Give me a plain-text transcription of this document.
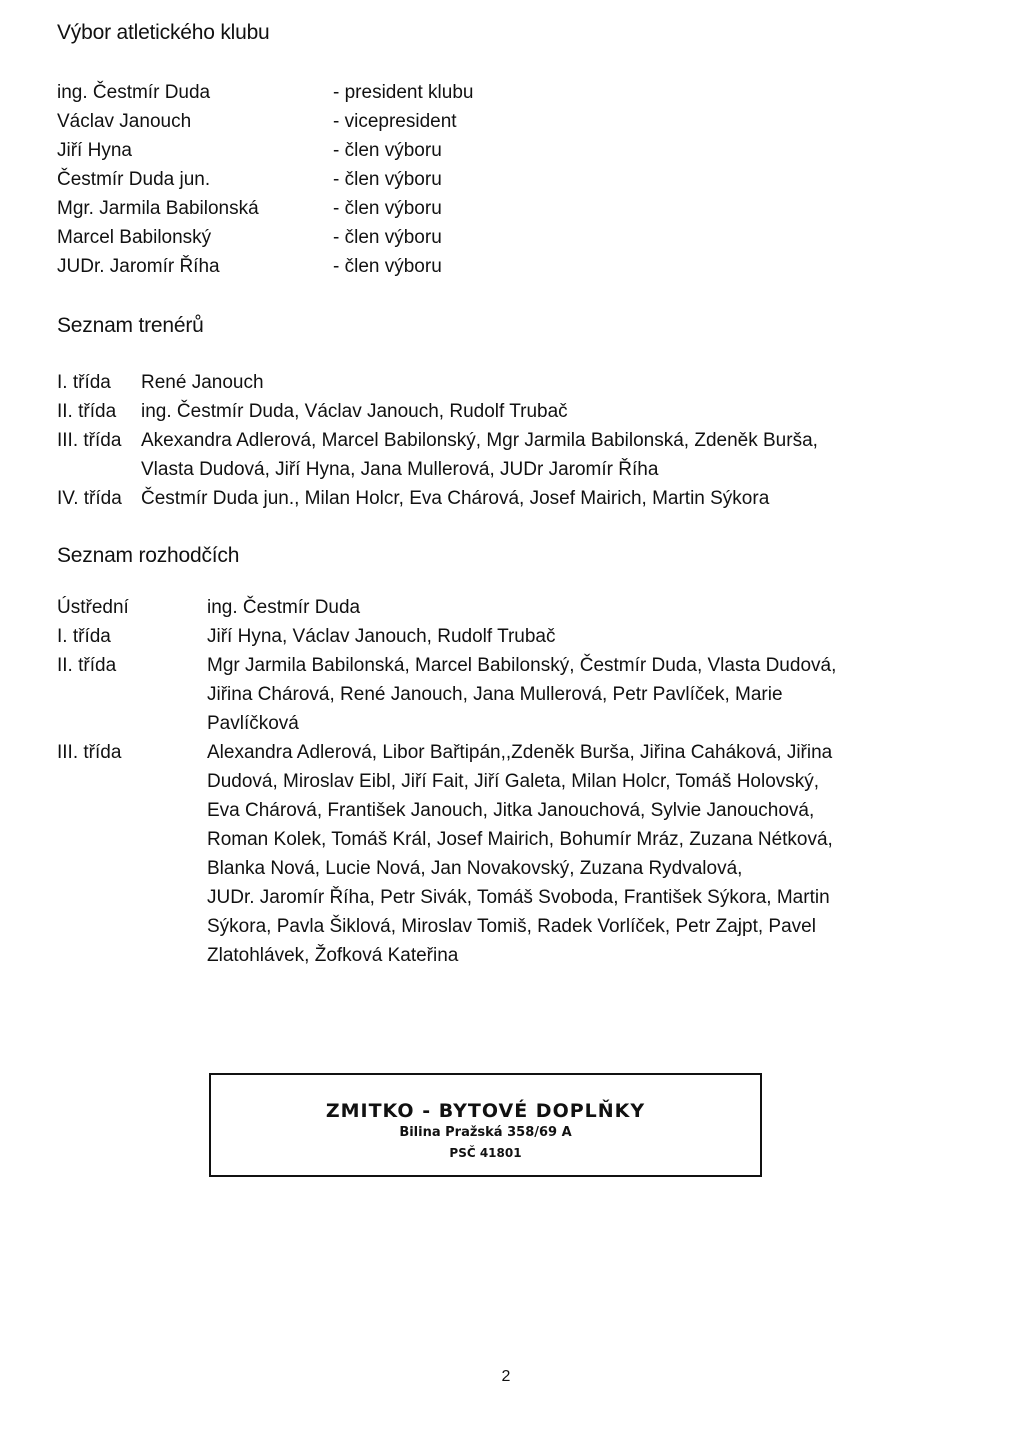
Výbor atletického klubu
ing. Čestmír Duda	- president klubu
Václav Janouch	- vicepresident
Jiří Hyna	- člen výboru
Čestmír Duda jun.	- člen výboru
Mgr. Jarmila Babilonská	- člen výboru
Marcel Babilonský	- člen výboru
JUDr. Jaromír Říha	- člen výboru
Seznam trenérů
I. třída	René Janouch
II. třída	ing. Čestmír Duda, Václav Janouch, Rudolf Trubač
III. třída	Akexandra Adlerová, Marcel Babilonský, Mgr Jarmila Babilonská, Zdeněk Burša,
Vlasta Dudová, Jiří Hyna, Jana Mullerová, JUDr Jaromír Říha
IV. třída	Čestmír Duda jun., Milan Holcr, Eva Chárová, Josef Mairich, Martin Sýkora
Seznam rozhodčích
Ústřední	ing. Čestmír Duda
I. třída	Jiří Hyna, Václav Janouch, Rudolf Trubač
II. třída	Mgr Jarmila Babilonská, Marcel Babilonský, Čestmír Duda, Vlasta Dudová,
Jiřina Chárová, René Janouch, Jana Mullerová, Petr Pavlíček, Marie
Pavlíčková
III. třída	Alexandra Adlerová, Libor Bařtipán,,Zdeněk Burša, Jiřina Caháková, Jiřina
Dudová, Miroslav Eibl, Jiří Fait, Jiří Galeta, Milan Holcr, Tomáš Holovský,
Eva Chárová, František Janouch, Jitka Janouchová, Sylvie Janouchová,
Roman Kolek, Tomáš Král, Josef Mairich, Bohumír Mráz, Zuzana Nétková,
Blanka Nová, Lucie Nová, Jan Novakovský, Zuzana Rydvalová,
JUDr. Jaromír Říha, Petr Sivák, Tomáš Svoboda, František Sýkora, Martin
Sýkora, Pavla Šiklová, Miroslav Tomiš, Radek Vorlíček, Petr Zajpt, Pavel
Zlatohlávek, Žofková Kateřina
ZMITKO - BYTOVÉ DOPLŇKY
Bilina Pražská 358/69 A
PSČ 41801
2
